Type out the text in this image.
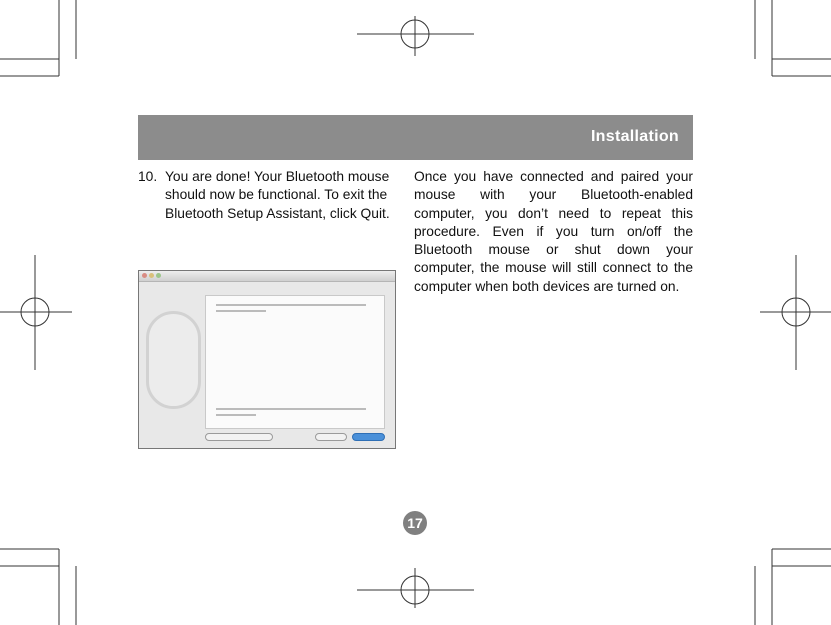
Installation
10. You are done! Your Bluetooth mouse should now be functional. To exit the Bluetooth Setup Assistant, click Quit.
Once you have connected and paired your mouse with your Bluetooth-enabled computer, you don’t need to repeat this procedure. Even if you turn on/off the Bluetooth mouse or shut down your computer, the mouse will still connect to the computer when both devices are turned on.
17
